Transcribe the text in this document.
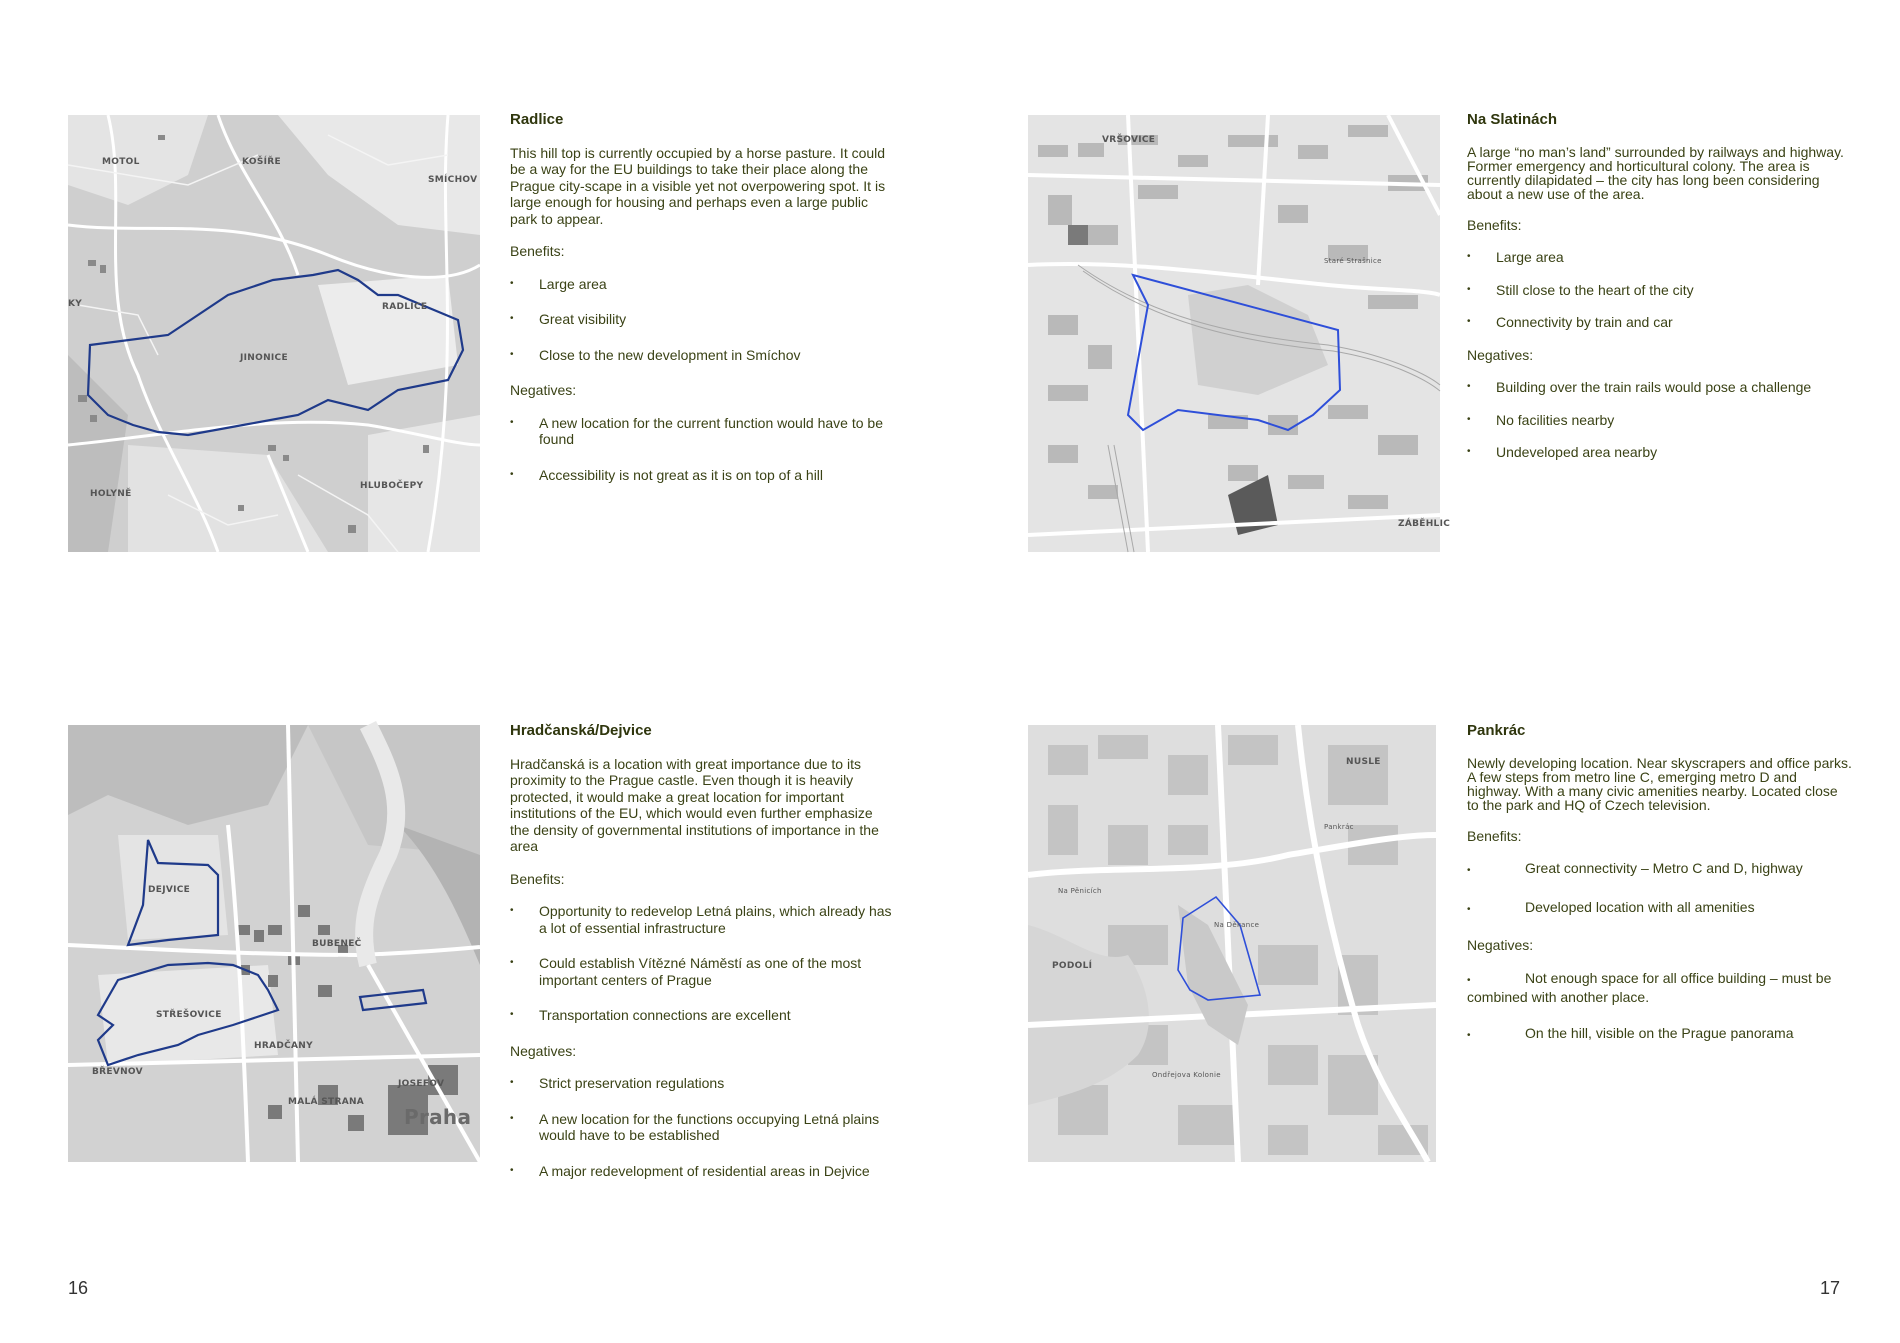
MOTOL	KOŠÍŘE
SMÍCHOV
RADLICE
JINONICE
HOLYNĚ
HLUBOČEPY
KY
Radlice

This hill top is currently occupied by a horse pasture. It could be a way for the EU buildings to take their place along the Prague city-scape in a visible yet not overpowering spot. It is large enough for housing and perhaps even a large public park to appear.

Benefits:
• Large area
• Great visibility
• Close to the new development in Smíchov
Negatives:
• A new location for the current function would have to be found
• Accessibility is not great as it is on top of a hill
VRŠOVICE
Staré Strašnice
ZÁBĚHLIC
Na Slatinách

A large “no man’s land” surrounded by railways and highway. Former emergency and horticultural colony. The area is currently dilapidated – the city has long been considering about a new use of the area.

Benefits:
• Large area
• Still close to the heart of the city
• Connectivity by train and car
Negatives:
• Building over the train rails would pose a challenge
• No facilities nearby
• Undeveloped area nearby
DEJVICE
BUBENEČ
STŘEŠOVICE
HRADČANY
BŘEVNOV
JOSEFOV
MALÁ STRANA
Praha
Hradčanská/Dejvice

Hradčanská is a location with great importance due to its proximity to the Prague castle. Even though it is heavily protected, it would make a great location for important institutions of the EU, which would even further emphasize the density of governmental institutions of importance in the area

Benefits:
• Opportunity to redevelop Letná plains, which already has a lot of essential infrastructure
• Could establish Vítězné Náměstí as one of the most important centers of Prague
• Transportation connections are excellent
Negatives:
• Strict preservation regulations
• A new location for the functions occupying Letná plains would have to be established
• A major redevelopment of residential areas in Dejvice
NUSLE
Pankrác
Na Pěnicích
Na Děkance
PODOLÍ
Ondřejova Kolonie
Pankrác

Newly developing location. Near skyscrapers and office parks. A few steps from metro line C, emerging metro D and highway. With a many civic amenities nearby. Located close to the park and HQ of Czech television.

Benefits:
•	Great connectivity – Metro C and D, highway
•	Developed location with all amenities
Negatives:
•	Not enough space for all office building – must be combined with another place.
•	On the hill, visible on the Prague panorama
16	17
